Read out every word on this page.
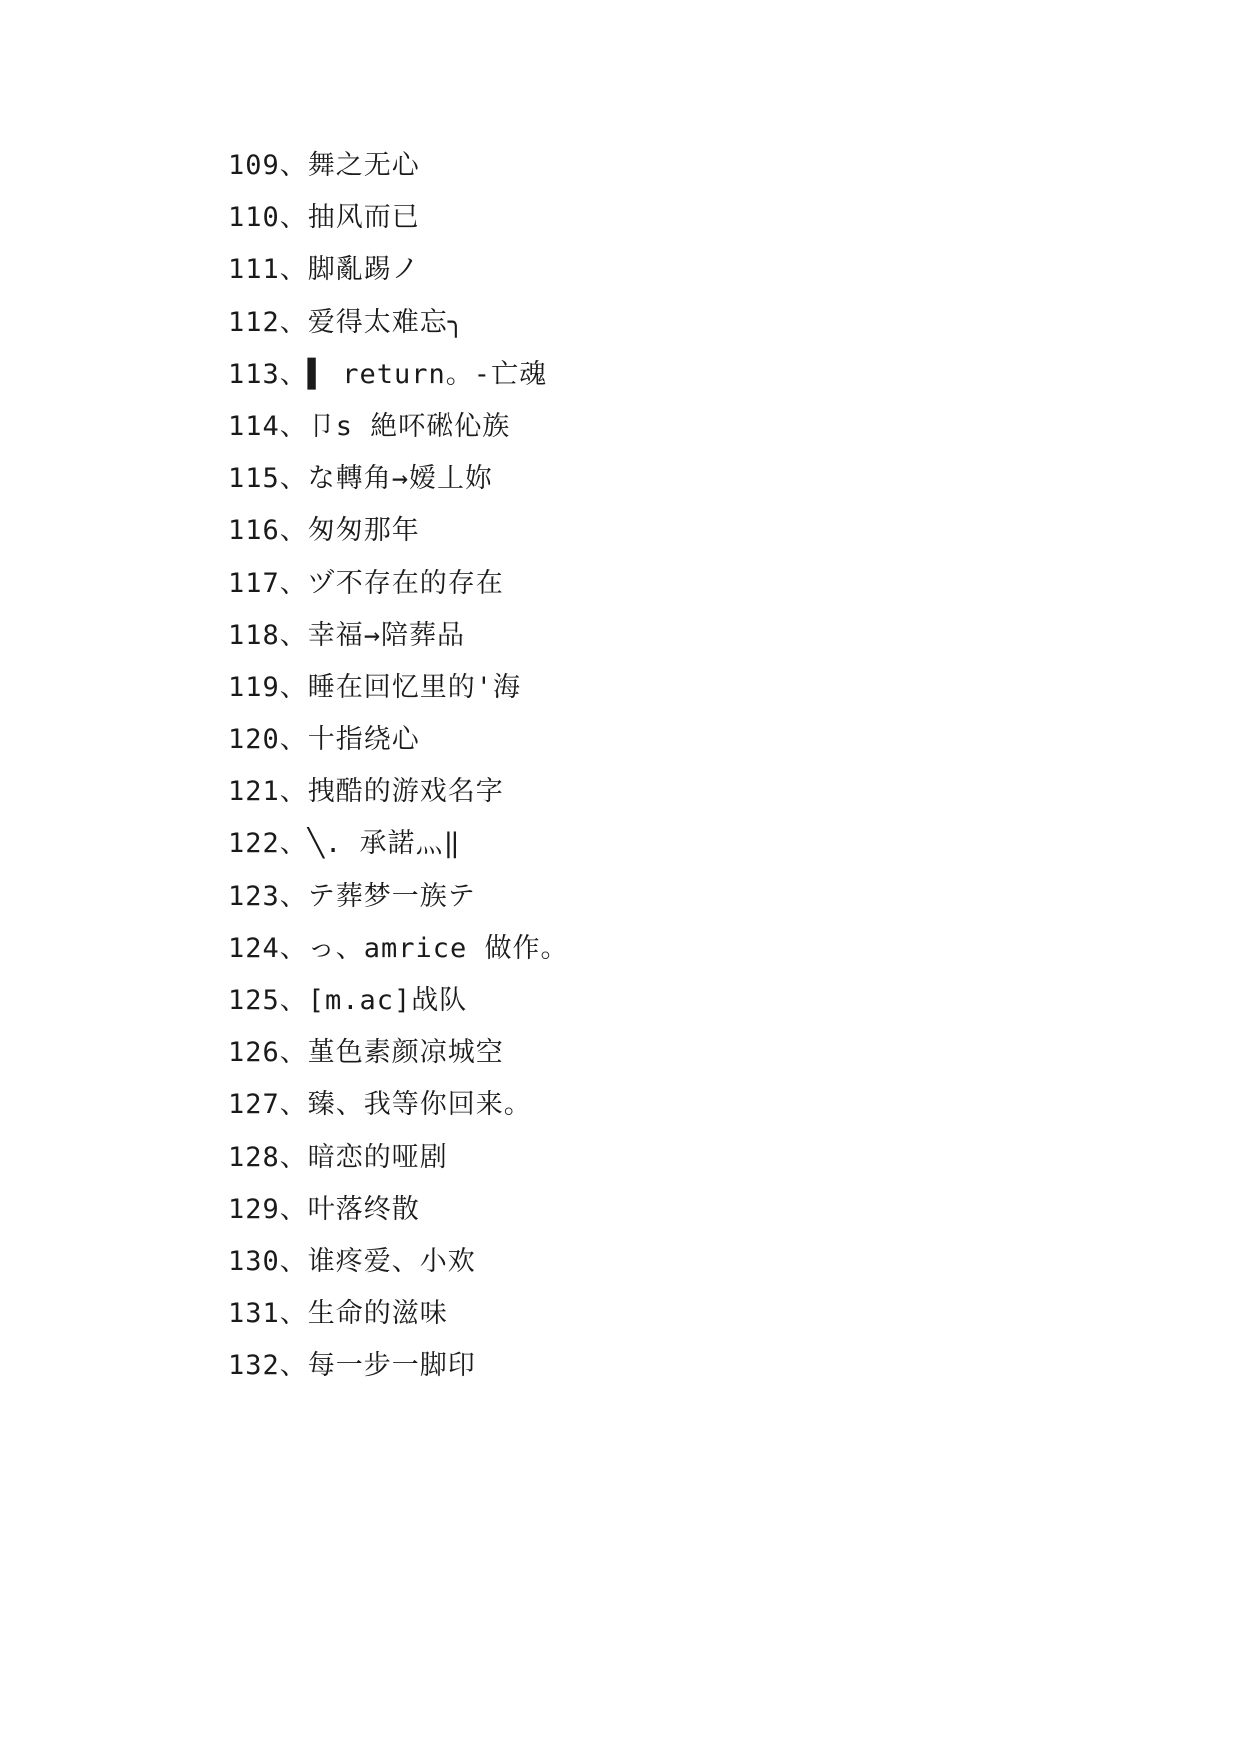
109、舞之无心
110、抽风而已
111、脚亂踢ノ
112、爱得太难忘╮
113、▌ return。-亡魂
114、卩s 絶吥硹伈族
115、な轉角→嫒丄妳
116、匆匆那年
117、ヅ不存在的存在
118、幸福→陪葬品
119、睡在回忆里的'海
120、十指绕心
121、拽酷的游戏名字
122、╲. 承諾灬‖
123、テ葬梦一族テ
124、っ、amrice 做作。
125、[m.ac]战队
126、堇色素颜凉城空
127、臻、我等你回来。
128、暗恋的哑剧
129、叶落终散
130、谁疼爱、小欢
131、生命的滋味
132、每一步一脚印
